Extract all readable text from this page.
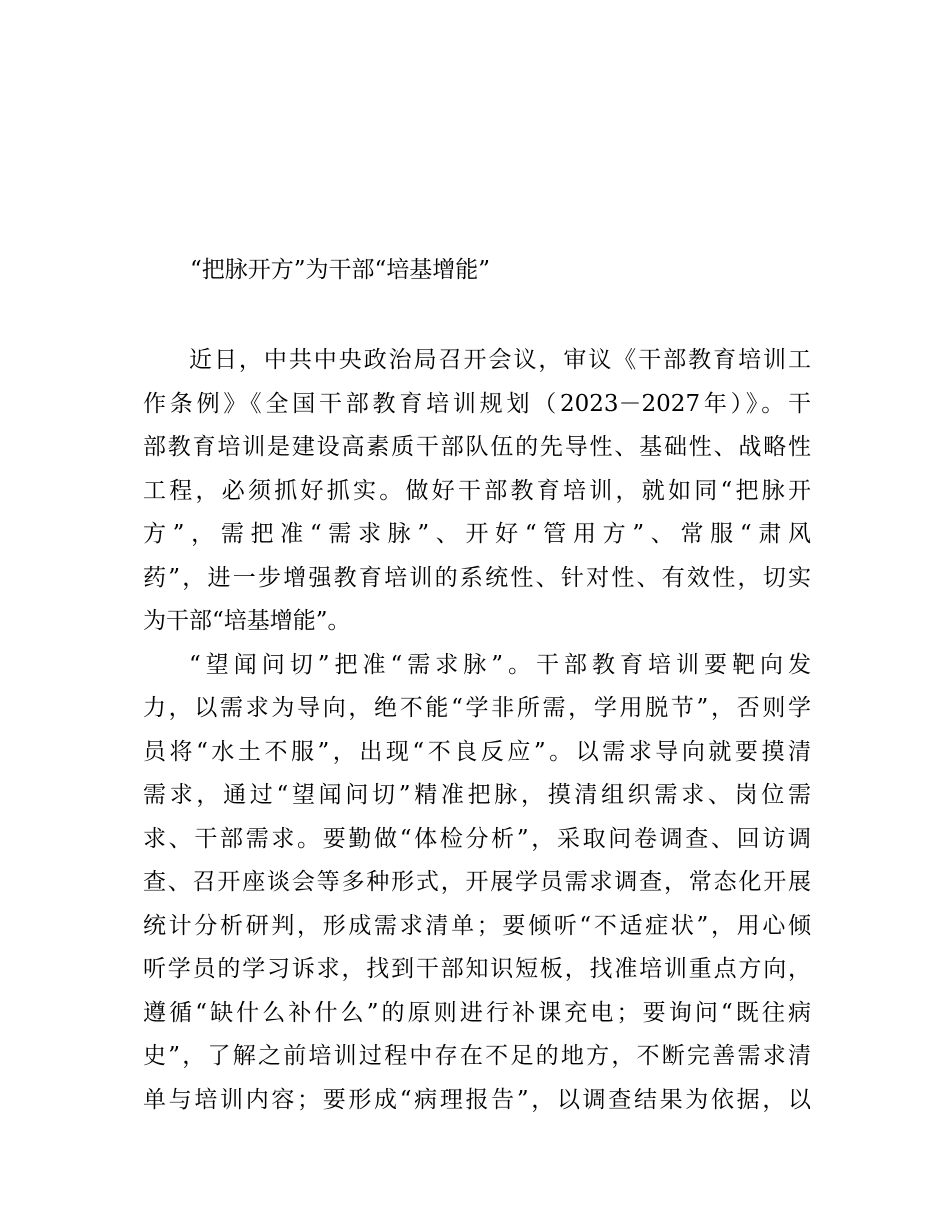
“把脉开方”为干部“培基增能”
近日，中共中央政治局召开会议，审议《干部教育培训工
作条例》《全国干部教育培训规划（2023－2027年）》。干
部教育培训是建设高素质干部队伍的先导性、基础性、战略性
工程，必须抓好抓实。做好干部教育培训，就如同“把脉开
方”，需把准“需求脉”、开好“管用方”、常服“肃风
药”，进一步增强教育培训的系统性、针对性、有效性，切实
为干部“培基增能”。
“望闻问切”把准“需求脉”。干部教育培训要靶向发
力，以需求为导向，绝不能“学非所需，学用脱节”，否则学
员将“水土不服”，出现“不良反应”。以需求导向就要摸清
需求，通过“望闻问切”精准把脉，摸清组织需求、岗位需
求、干部需求。要勤做“体检分析”，采取问卷调查、回访调
查、召开座谈会等多种形式，开展学员需求调查，常态化开展
统计分析研判，形成需求清单；要倾听“不适症状”，用心倾
听学员的学习诉求，找到干部知识短板，找准培训重点方向，
遵循“缺什么补什么”的原则进行补课充电；要询问“既往病
史”，了解之前培训过程中存在不足的地方，不断完善需求清
单与培训内容；要形成“病理报告”，以调查结果为依据，以
